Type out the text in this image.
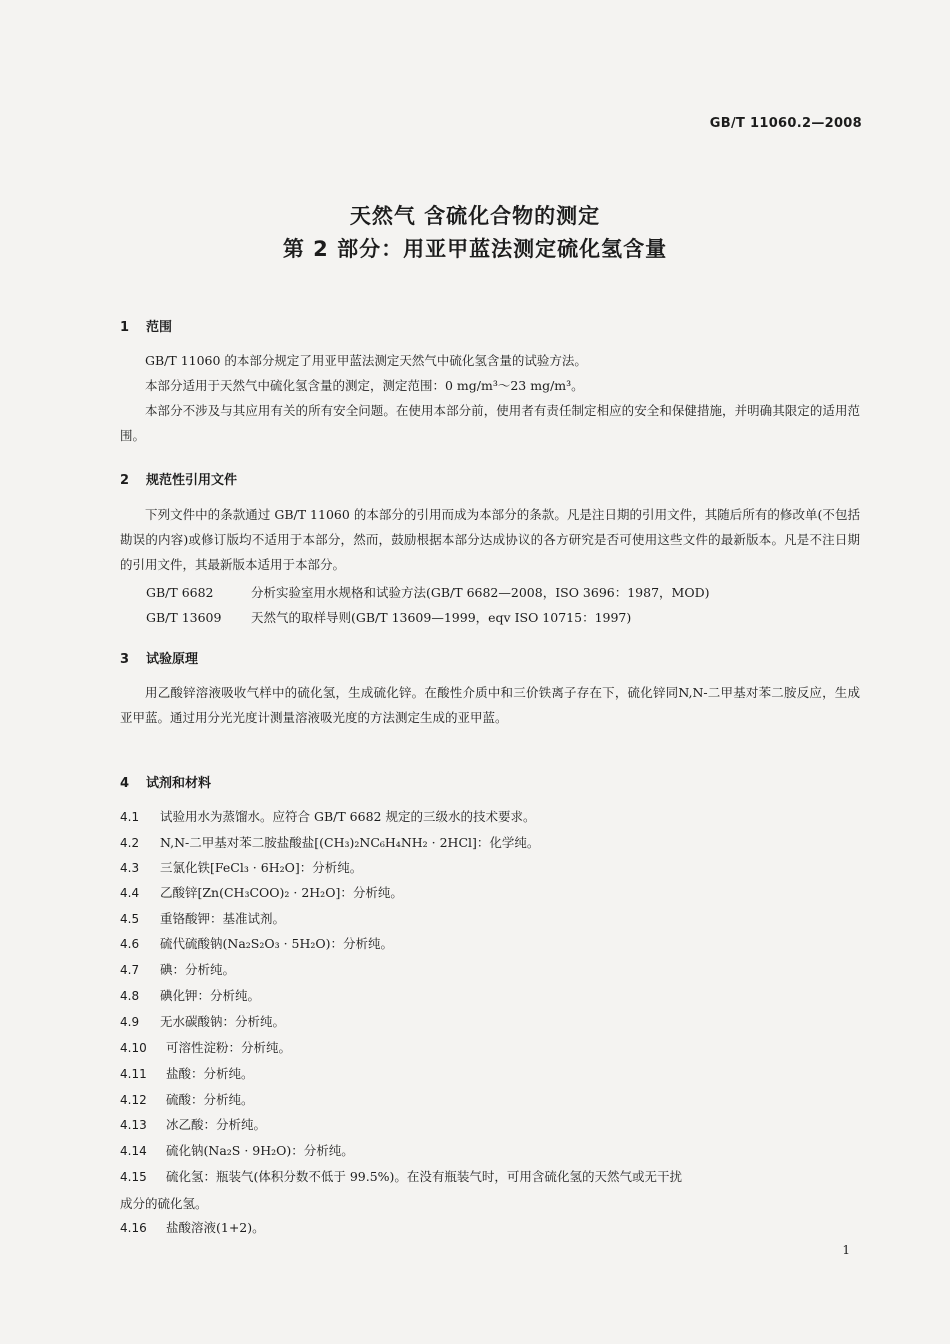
GB/T 11060.2—2008
天然气 含硫化合物的测定
第 2 部分：用亚甲蓝法测定硫化氢含量
1 范围

GB/T 11060 的本部分规定了用亚甲蓝法测定天然气中硫化氢含量的试验方法。

本部分适用于天然气中硫化氢含量的测定，测定范围：0 mg/m³～23 mg/m³。

本部分不涉及与其应用有关的所有安全问题。在使用本部分前，使用者有责任制定相应的安全和保健措施，并明确其限定的适用范围。

2 规范性引用文件

下列文件中的条款通过 GB/T 11060 的本部分的引用而成为本部分的条款。凡是注日期的引用文件，其随后所有的修改单(不包括勘误的内容)或修订版均不适用于本部分，然而，鼓励根据本部分达成协议的各方研究是否可使用这些文件的最新版本。凡是不注日期的引用文件，其最新版本适用于本部分。

GB/T 6682	分析实验室用水规格和试验方法(GB/T 6682—2008，ISO 3696：1987，MOD)
GB/T 13609 天然气的取样导则(GB/T 13609—1999，eqv ISO 10715：1997)
3 试验原理

用乙酸锌溶液吸收气样中的硫化氢，生成硫化锌。在酸性介质中和三价铁离子存在下，硫化锌同N,N-二甲基对苯二胺反应，生成亚甲蓝。通过用分光光度计测量溶液吸光度的方法测定生成的亚甲蓝。

4 试剂和材料
4.1 试验用水为蒸馏水。应符合 GB/T 6682 规定的三级水的技术要求。
4.2 N,N-二甲基对苯二胺盐酸盐[(CH₃)₂NC₆H₄NH₂ · 2HCl]：化学纯。
4.3 三氯化铁[FeCl₃ · 6H₂O]：分析纯。
4.4 乙酸锌[Zn(CH₃COO)₂ · 2H₂O]：分析纯。
4.5 重铬酸钾：基准试剂。
4.6 硫代硫酸钠(Na₂S₂O₃ · 5H₂O)：分析纯。
4.7 碘：分析纯。
4.8 碘化钾：分析纯。
4.9 无水碳酸钠：分析纯。
4.10 可溶性淀粉：分析纯。
4.11 盐酸：分析纯。
4.12 硫酸：分析纯。
4.13 冰乙酸：分析纯。
4.14 硫化钠(Na₂S · 9H₂O)：分析纯。
4.15 硫化氢：瓶装气(体积分数不低于 99.5%)。在没有瓶装气时，可用含硫化氢的天然气或无干扰
成分的硫化氢。
4.16 盐酸溶液(1+2)。
1
